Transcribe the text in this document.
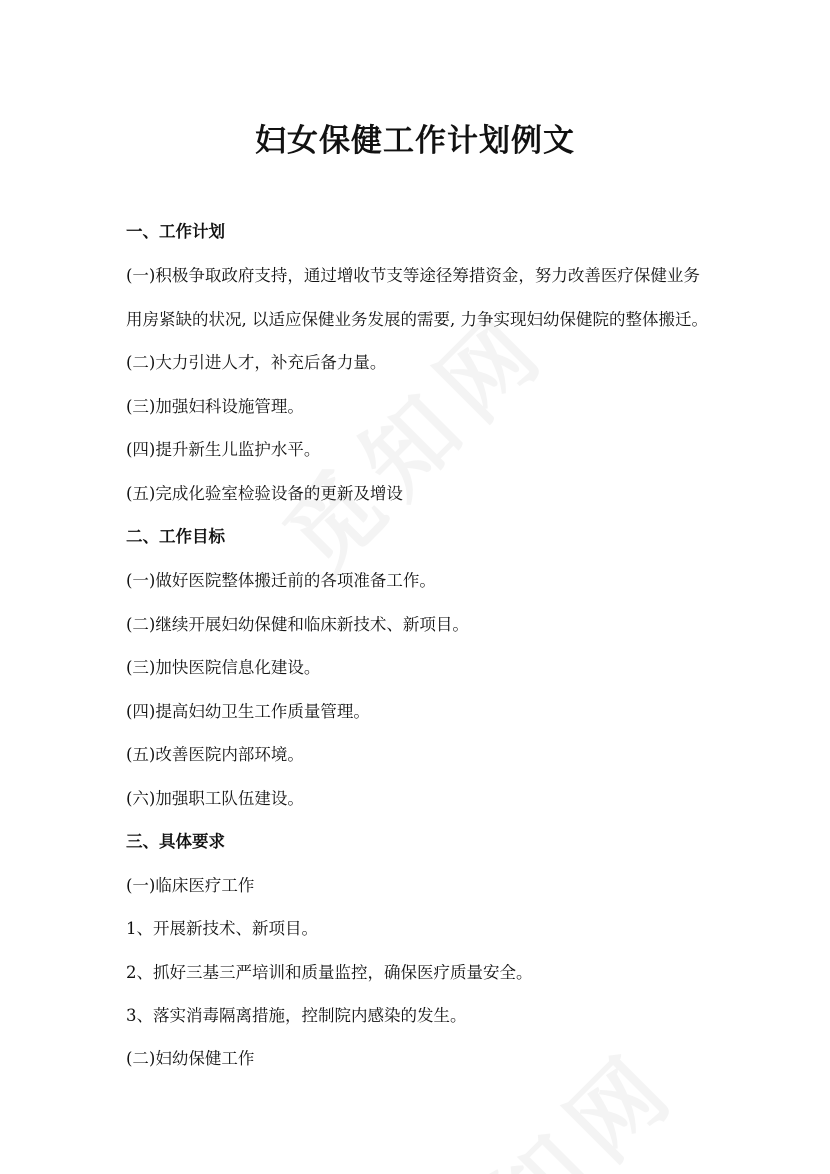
妇女保健工作计划例文

一、工作计划

(一)积极争取政府支持，通过增收节支等途径筹措资金，努力改善医疗保健业务

用房紧缺的状况, 以适应保健业务发展的需要, 力争实现妇幼保健院的整体搬迁。

(二)大力引进人才，补充后备力量。

(三)加强妇科设施管理。

(四)提升新生儿监护水平。

(五)完成化验室检验设备的更新及增设

二、工作目标

(一)做好医院整体搬迁前的各项准备工作。

(二)继续开展妇幼保健和临床新技术、新项目。

(三)加快医院信息化建设。

(四)提高妇幼卫生工作质量管理。

(五)改善医院内部环境。

(六)加强职工队伍建设。

三、具体要求

(一)临床医疗工作

1、开展新技术、新项目。

2、抓好三基三严培训和质量监控，确保医疗质量安全。

3、落实消毒隔离措施，控制院内感染的发生。

(二)妇幼保健工作
